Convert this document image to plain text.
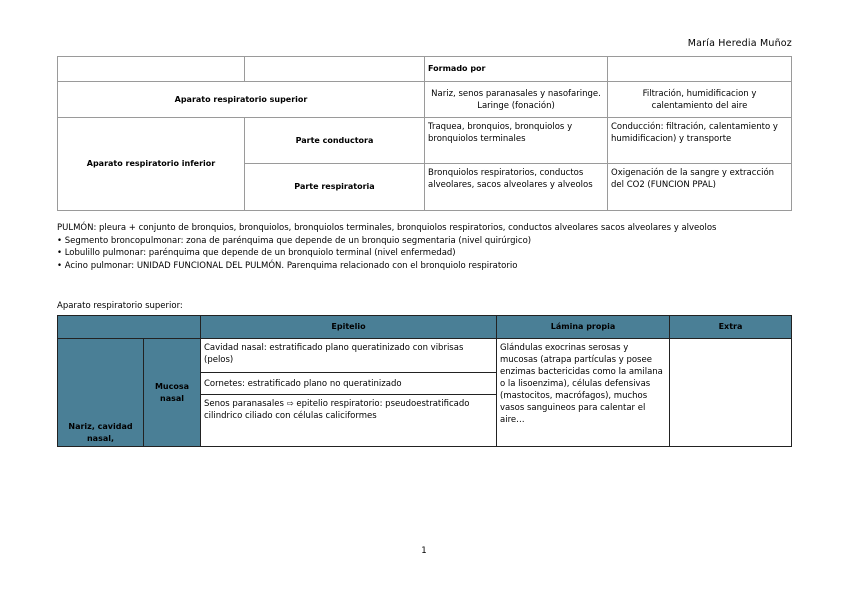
María Heredia Muñoz
		Formado por	
Aparato respiratorio superior		Nariz, senos paranasales y nasofaringe. Laringe (fonación)	Filtración, humidificacion y calentamiento del aire
Aparato respiratorio inferior	Parte conductora	Traquea, bronquios, bronquiolos y bronquiolos terminales	Conducción: filtración, calentamiento y humidificacion) y transporte
	Parte respiratoria	Bronquiolos respiratorios, conductos alveolares, sacos alveolares y alveolos	Oxigenación de la sangre y extracción del CO2 (FUNCION PPAL)
PULMÓN: pleura + conjunto de bronquios, bronquiolos, bronquiolos terminales, bronquiolos respiratorios, conductos alveolares sacos alveolares y alveolos
• Segmento broncopulmonar: zona de parénquima que depende de un bronquio segmentaria (nivel quirúrgico)
• Lobulillo pulmonar: parénquima que depende de un bronquiolo terminal (nivel enfermedad)
• Acino pulmonar: UNIDAD FUNCIONAL DEL PULMÓN. Parenquima relacionado con el bronquiolo respiratorio
Aparato respiratorio superior:
		Epitelio	Lámina propia	Extra
Nariz, cavidad nasal,	Mucosa nasal	Cavidad nasal: estratificado plano queratinizado con vibrisas (pelos)	Glándulas exocrinas serosas y mucosas (atrapa partículas y posee enzimas bactericidas como la amilana o la lisoenzima), células defensivas (mastocitos, macrófagos), muchos vasos sanguineos para calentar el aire…	
		Cornetes: estratificado plano no queratinizado		
		Senos paranasales ⇨ epitelio respiratorio: pseudoestratificado cilindrico ciliado con células caliciformes		
1
